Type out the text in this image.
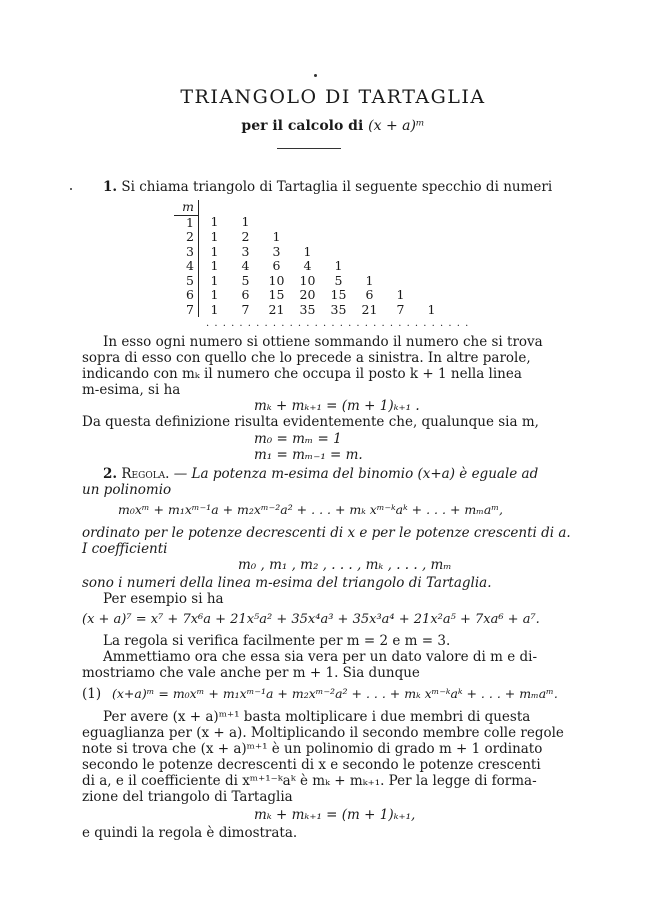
TRIANGOLO DI TARTAGLIA
per il calcolo di (x + a)ᵐ
1. Si chiama triangolo di Tartaglia il seguente specchio di numeri
m								
1	1	1						
2	1	2	1					
3	1	3	3	1				
4	1	4	6	4	1			
5	1	5	10	10	5	1		
6	1	6	15	20	15	6	1	
7	1	7	21	35	35	21	7	1
. . . . . . . . . . . . . . . . . . . . . . . . . . . . . . . .
In esso ogni numero si ottiene sommando il numero che si trova
sopra di esso con quello che lo precede a sinistra. In altre parole,
indicando con mₖ il numero che occupa il posto k + 1 nella linea
m-esima, si ha
mₖ + mₖ₊₁ = (m + 1)ₖ₊₁ .
Da questa definizione risulta evidentemente che, qualunque sia m,
m₀ = mₘ = 1
m₁ = mₘ₋₁ = m.
2. Regola. — La potenza m-esima del binomio (x+a) è eguale ad
un polinomio
m₀xᵐ + m₁xᵐ⁻¹a + m₂xᵐ⁻²a² + . . . + mₖ xᵐ⁻ᵏaᵏ + . . . + mₘaᵐ,
ordinato per le potenze decrescenti di x e per le potenze crescenti di a.
I coefficienti
m₀ , m₁ , m₂ , . . . , mₖ , . . . , mₘ
sono i numeri della linea m-esima del triangolo di Tartaglia.
Per esempio si ha
(x + a)⁷ = x⁷ + 7x⁶a + 21x⁵a² + 35x⁴a³ + 35x³a⁴ + 21x²a⁵ + 7xa⁶ + a⁷.
La regola si verifica facilmente per m = 2 e m = 3.
Ammettiamo ora che essa sia vera per un dato valore di m e di-
mostriamo che vale anche per m + 1. Sia dunque
(1) (x+a)ᵐ = m₀xᵐ + m₁xᵐ⁻¹a + m₂xᵐ⁻²a² + . . . + mₖ xᵐ⁻ᵏaᵏ + . . . + mₘaᵐ.
Per avere (x + a)ᵐ⁺¹ basta moltiplicare i due membri di questa
eguaglianza per (x + a). Moltiplicando il secondo membre colle regole
note si trova che (x + a)ᵐ⁺¹ è un polinomio di grado m + 1 ordinato
secondo le potenze decrescenti di x e secondo le potenze crescenti
di a, e il coefficiente di xᵐ⁺¹⁻ᵏaᵏ è mₖ + mₖ₊₁. Per la legge di forma-
zione del triangolo di Tartaglia
mₖ + mₖ₊₁ = (m + 1)ₖ₊₁,
e quindi la regola è dimostrata.
